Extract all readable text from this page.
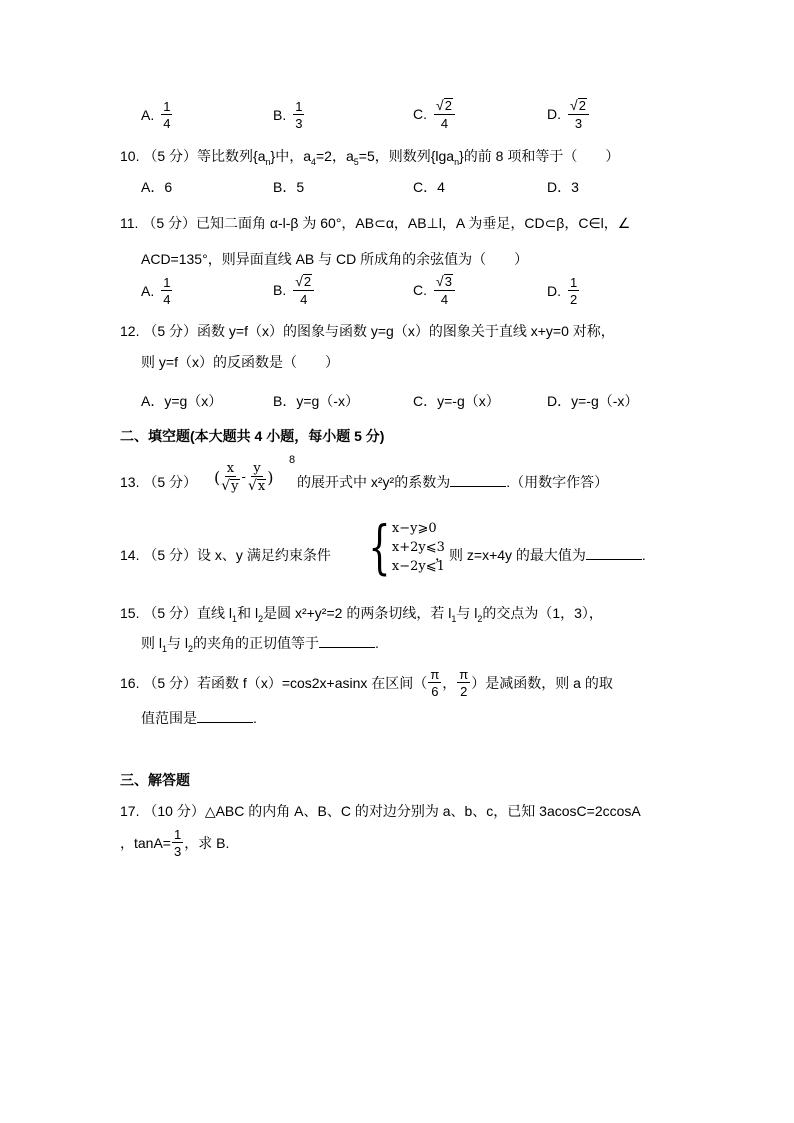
A. $\frac{1}{4}$	B. $\frac{1}{3}$	C. $\frac{√ 2}{4}$	D. $\frac{√ 2}{3}$
10. （5 分）等比数列$\{a_n\}$中，$a_4=2$，$a_5=5$，则数列{lga$_n$}的前 8 项和等于（　　）
A．6	B．5	C．4	D．3
11. （5 分）已知二面角 α-l-β 为 60°，AB⊂α，AB⊥l，A 为垂足，CD⊂β，C∈l，∠
ACD=135°，则异面直线 AB 与 CD 所成角的余弦值为（　　）
A. $\frac{1}{4}$	B. $\frac{√ 2}{4}$	C. $\frac{√ 3}{4}$	D. $\frac{1}{2}$
12. （5 分）函数 y=f（x）的图象与函数 y=g（x）的图象关于直线 x+y=0 对称，
则 y=f（x）的反函数是（　　）
A．y=g（x）	B．y=g（-x）	C．y=-g（x）	D．y=-g（-x）
二、填空题(本大题共 4 小题，每小题 5 分)
13. （5 分） ( $\frac{x}{√ y} - \frac{y}{√ x}$ )
8
的展开式中 x²y²的系数为	.（用数字作答）
14. （5 分）设 x、y 满足约束条件 { x−y⩾0
x+2y⩽3
x−2y⩽1
，则 z=x+4y 的最大值为	.
15. （5 分）直线 $l_1$和 $l_2$是圆 x²+y²=2 的两条切线，若 $l_1$与 $l_2$的交点为（1，3），
则 $l_1$与 $l_2$的夹角的正切值等于	.
16.
（5 分）若函数 f（x）=cos2x+asinx 在区间（ $\frac{\pi}{6}$ ， $\frac{\pi}{2}$ ）是减函数，则 a 的取
值范围是	.
三、解答题
17. （10 分）△ABC 的内角 A、B、C 的对边分别为 a、b、c，已知 3acosC=2ccosA
，$\tan A= \frac{1}{3}$ ，求 B.
